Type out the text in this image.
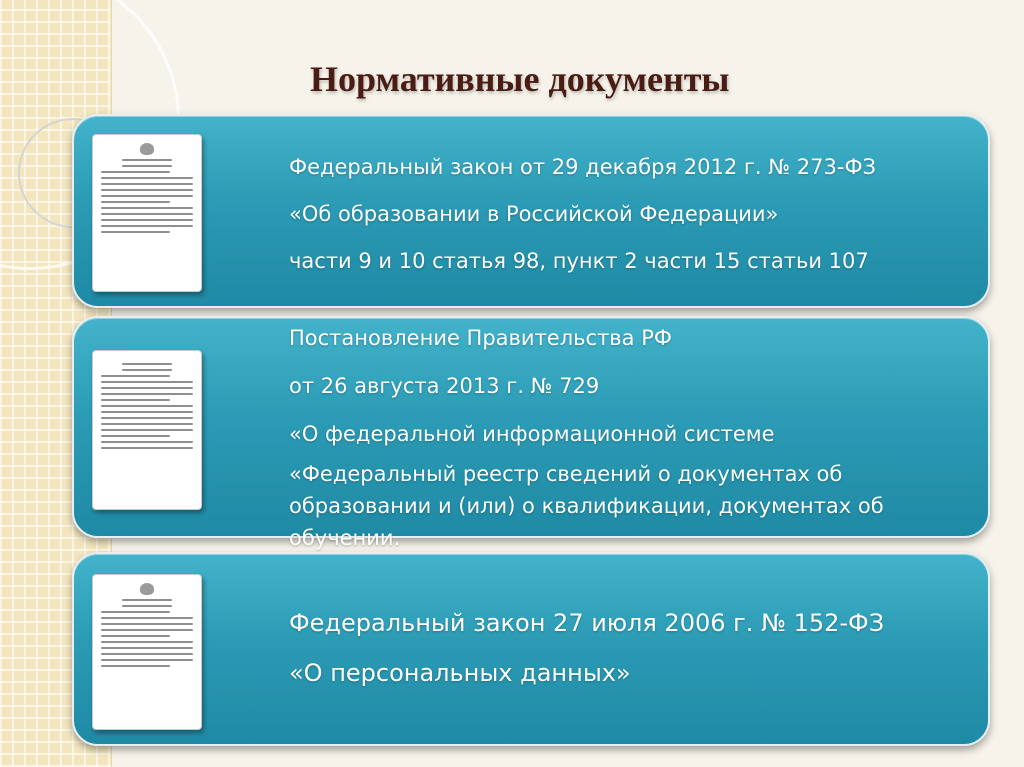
Нормативные документы
Федеральный закон от 29 декабря 2012 г. № 273-ФЗ
«Об образовании в Российской Федерации»
части 9 и 10 статья 98, пункт 2 части 15 статьи 107
Постановление Правительства РФ
от 26 августа 2013 г. № 729
«О федеральной информационной системе
«Федеральный реестр сведений о документах об
образовании и (или) о квалификации, документах об
обучении.
Федеральный закон 27 июля 2006 г. № 152-ФЗ
«О персональных данных»
